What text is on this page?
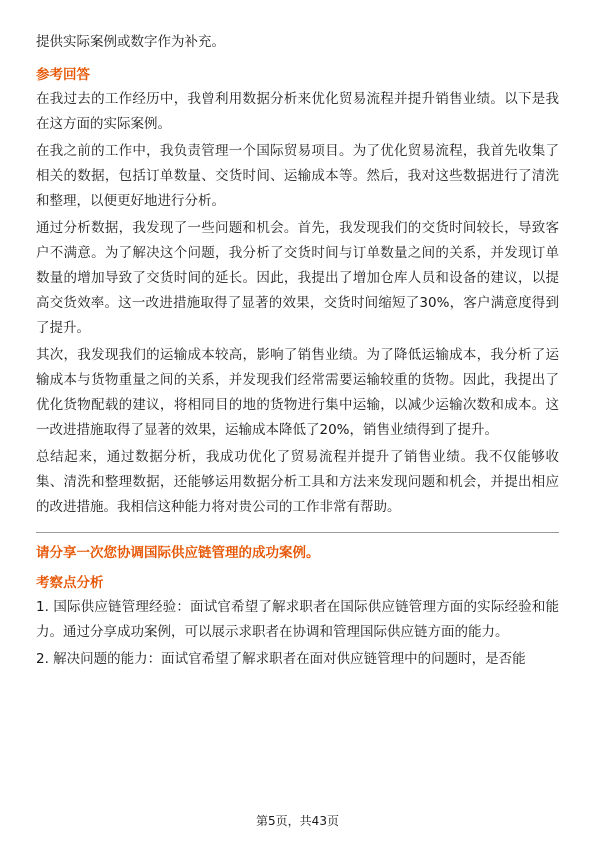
提供实际案例或数字作为补充。

参考回答

在我过去的工作经历中，我曾利用数据分析来优化贸易流程并提升销售业绩。以下是我在这方面的实际案例。

在我之前的工作中，我负责管理一个国际贸易项目。为了优化贸易流程，我首先收集了相关的数据，包括订单数量、交货时间、运输成本等。然后，我对这些数据进行了清洗和整理，以便更好地进行分析。

通过分析数据，我发现了一些问题和机会。首先，我发现我们的交货时间较长，导致客户不满意。为了解决这个问题，我分析了交货时间与订单数量之间的关系，并发现订单数量的增加导致了交货时间的延长。因此，我提出了增加仓库人员和设备的建议，以提高交货效率。这一改进措施取得了显著的效果，交货时间缩短了30%，客户满意度得到了提升。

其次，我发现我们的运输成本较高，影响了销售业绩。为了降低运输成本，我分析了运输成本与货物重量之间的关系，并发现我们经常需要运输较重的货物。因此，我提出了优化货物配载的建议，将相同目的地的货物进行集中运输，以减少运输次数和成本。这一改进措施取得了显著的效果，运输成本降低了20%，销售业绩得到了提升。

总结起来，通过数据分析，我成功优化了贸易流程并提升了销售业绩。我不仅能够收集、清洗和整理数据，还能够运用数据分析工具和方法来发现问题和机会，并提出相应的改进措施。我相信这种能力将对贵公司的工作非常有帮助。

请分享一次您协调国际供应链管理的成功案例。
考察点分析

1. 国际供应链管理经验：面试官希望了解求职者在国际供应链管理方面的实际经验和能力。通过分享成功案例，可以展示求职者在协调和管理国际供应链方面的能力。

2. 解决问题的能力：面试官希望了解求职者在面对供应链管理中的问题时，是否能

第5页，共43页
